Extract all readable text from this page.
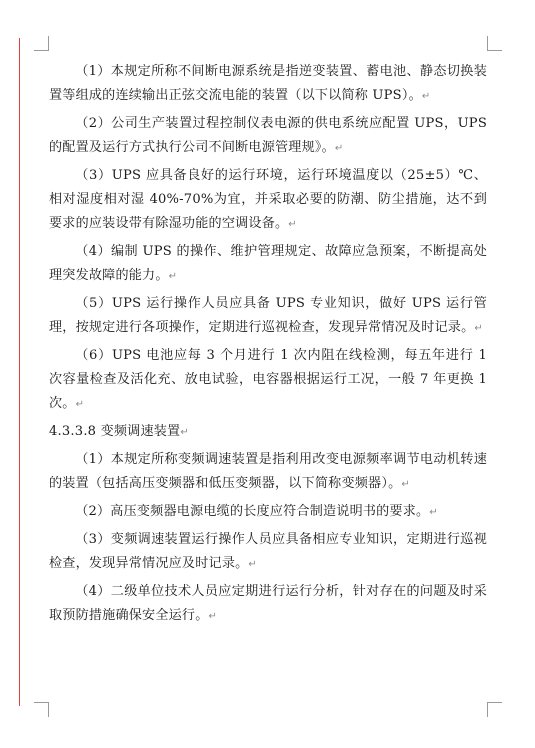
（1）本规定所称不间断电源系统是指逆变装置、蓄电池、静态切换装置等组成的连续输出正弦交流电能的装置（以下以简称 UPS）。↵

（2）公司生产装置过程控制仪表电源的供电系统应配置 UPS，UPS 的配置及运行方式执行公司不间断电源管理规》。↵

（3）UPS 应具备良好的运行环境，运行环境温度以（25±5）℃、相对湿度相对湿 40%-70%为宜，并采取必要的防潮、防尘措施，达不到要求的应装设带有除湿功能的空调设备。↵

（4）编制 UPS 的操作、维护管理规定、故障应急预案，不断提高处理突发故障的能力。↵

（5）UPS 运行操作人员应具备 UPS 专业知识，做好 UPS 运行管理，按规定进行各项操作，定期进行巡视检查，发现异常情况及时记录。↵

（6）UPS 电池应每 3 个月进行 1 次内阻在线检测，每五年进行 1 次容量检查及活化充、放电试验，电容器根据运行工况，一般 7 年更换 1 次。↵

4.3.3.8 变频调速装置↵

（1）本规定所称变频调速装置是指利用改变电源频率调节电动机转速的装置（包括高压变频器和低压变频器，以下简称变频器）。↵

（2）高压变频器电源电缆的长度应符合制造说明书的要求。↵

（3）变频调速装置运行操作人员应具备相应专业知识，定期进行巡视检查，发现异常情况应及时记录。↵

（4）二级单位技术人员应定期进行运行分析，针对存在的问题及时采取预防措施确保安全运行。↵
